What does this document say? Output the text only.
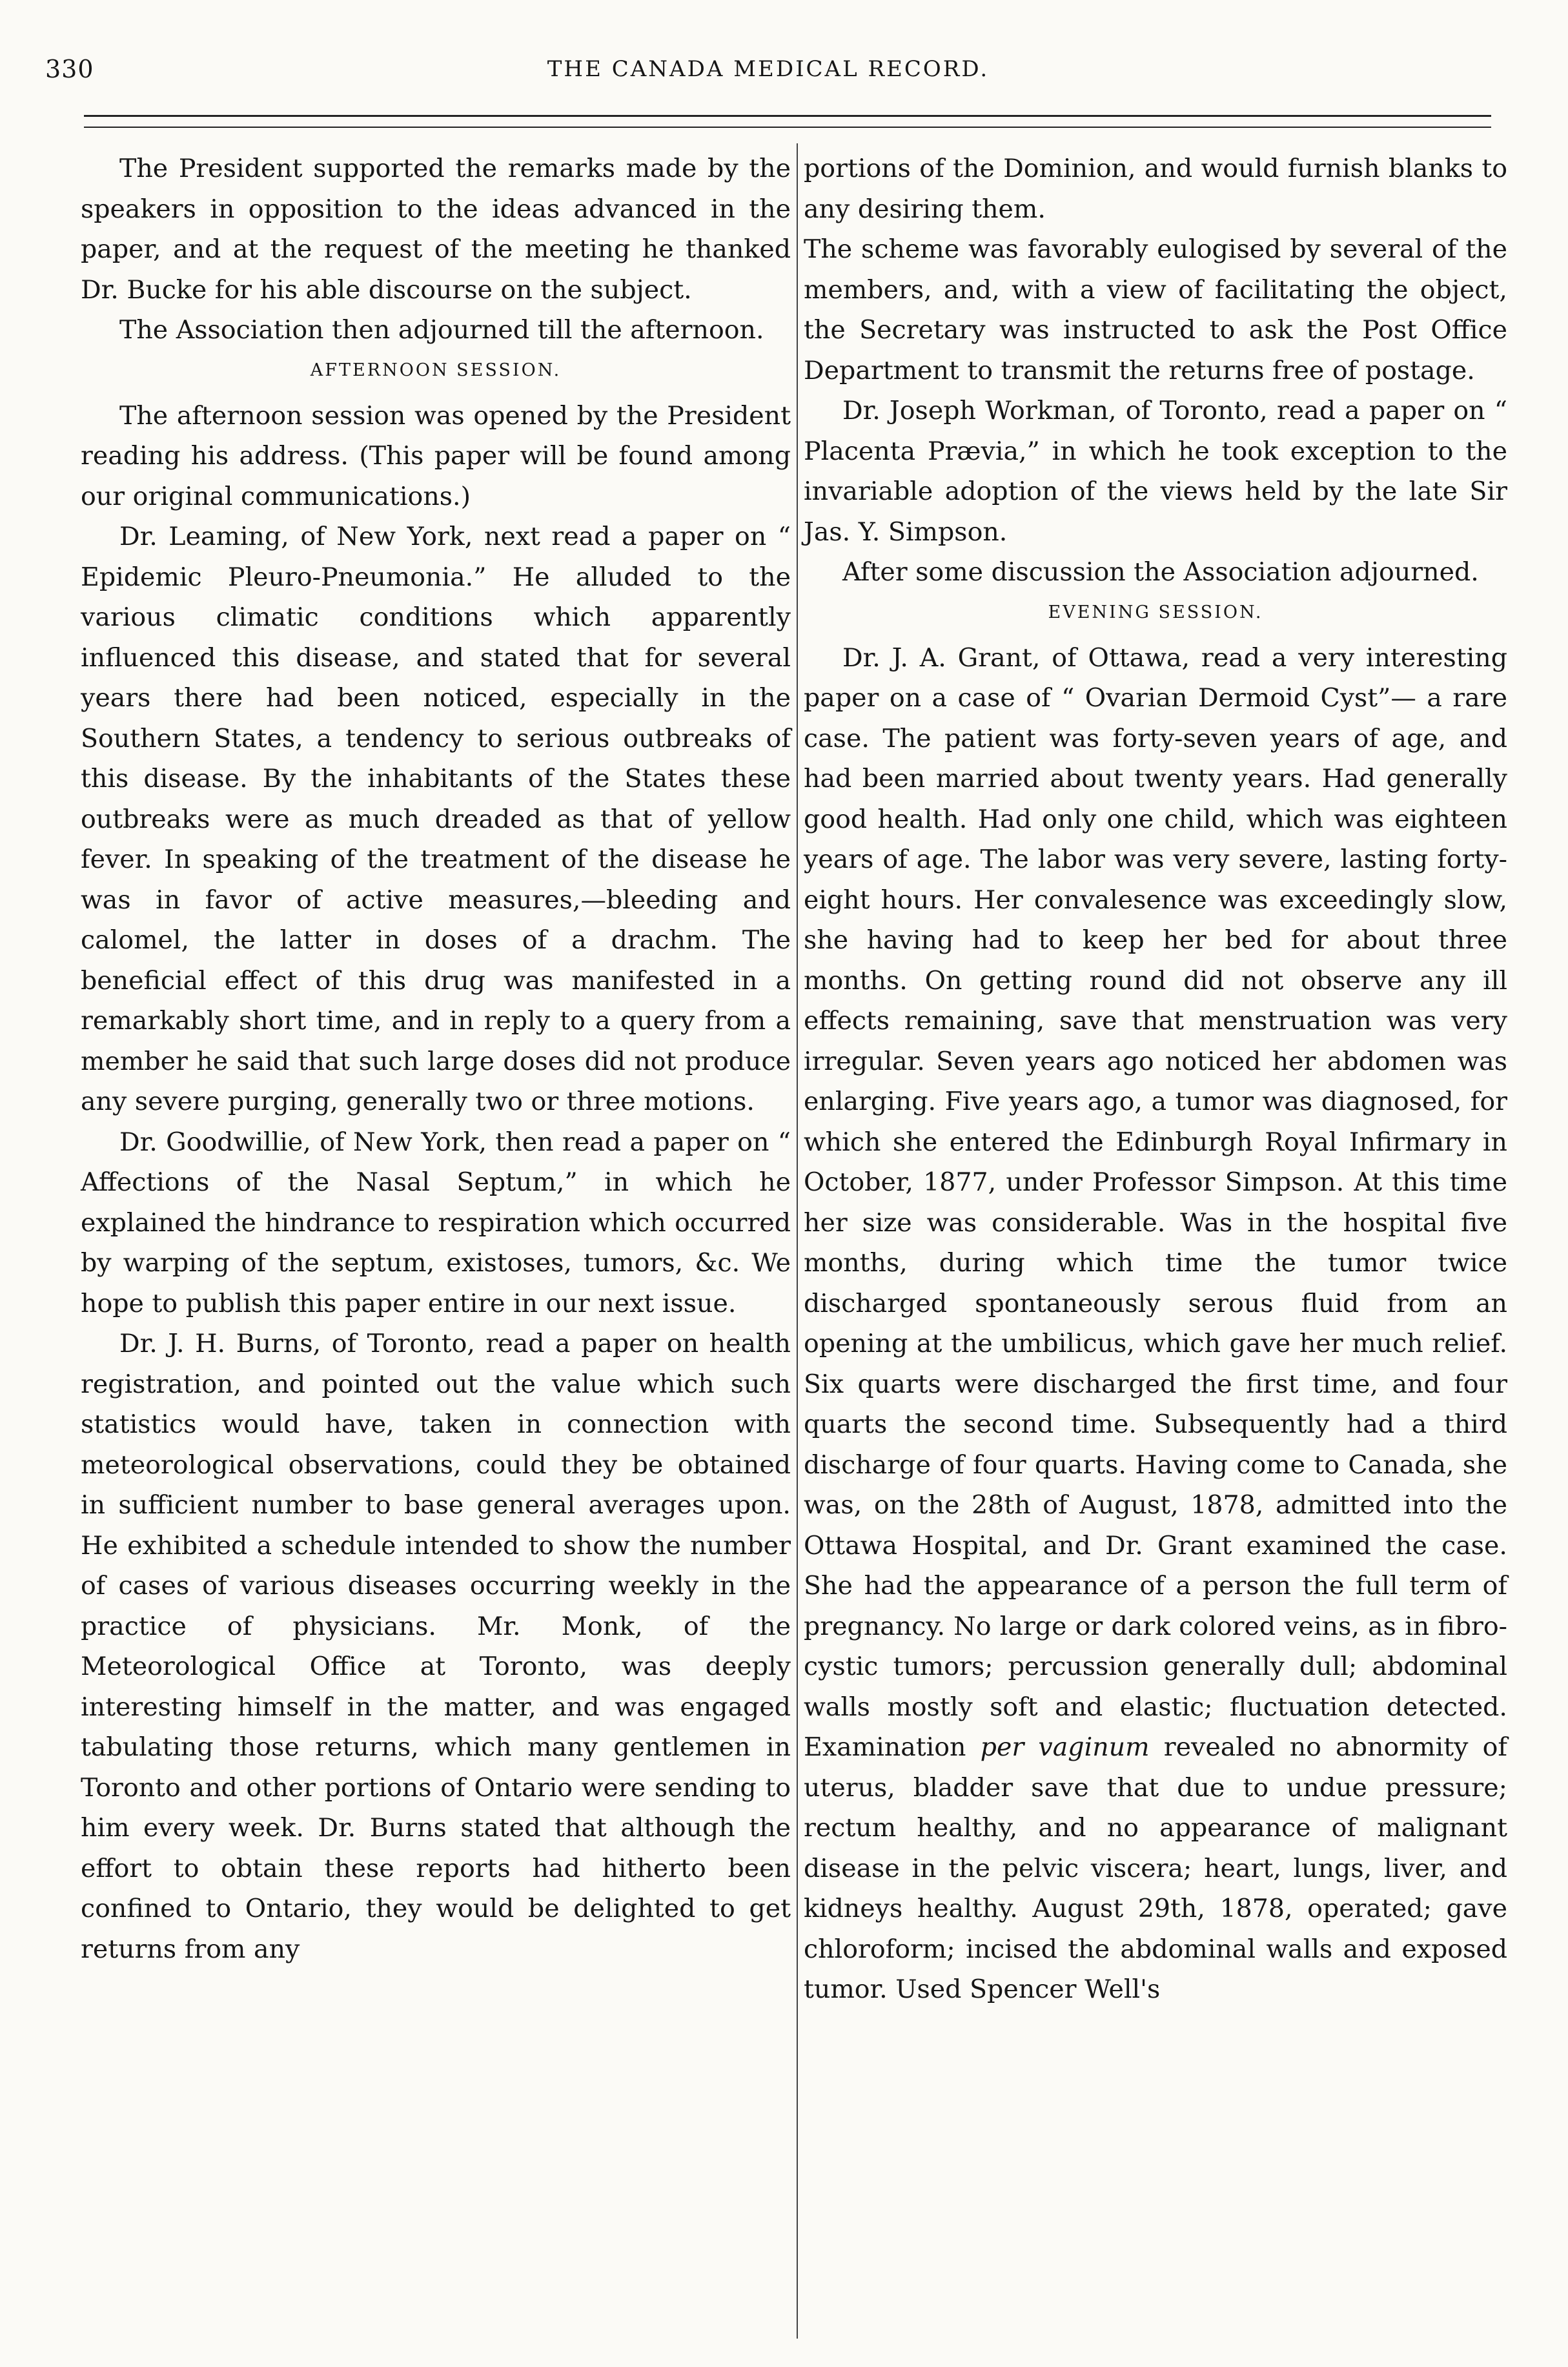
330	THE CANADA MEDICAL RECORD.

The President supported the remarks made by the speakers in opposition to the ideas advanced in the paper, and at the request of the meeting he thanked Dr. Bucke for his able discourse on the subject.

The Association then adjourned till the afternoon.

AFTERNOON SESSION.

The afternoon session was opened by the President reading his address. (This paper will be found among our original communications.)

Dr. Leaming, of New York, next read a paper on “ Epidemic Pleuro-Pneumonia.” He alluded to the various climatic conditions which apparently influenced this disease, and stated that for several years there had been noticed, especially in the Southern States, a tendency to serious outbreaks of this disease. By the inhabitants of the States these outbreaks were as much dreaded as that of yellow fever. In speaking of the treatment of the disease he was in favor of active measures,—bleeding and calomel, the latter in doses of a drachm. The beneficial effect of this drug was manifested in a remarkably short time, and in reply to a query from a member he said that such large doses did not produce any severe purging, generally two or three motions.

Dr. Goodwillie, of New York, then read a paper on “ Affections of the Nasal Septum,” in which he explained the hindrance to respiration which occurred by warping of the septum, existoses, tumors, &c. We hope to publish this paper entire in our next issue.

Dr. J. H. Burns, of Toronto, read a paper on health registration, and pointed out the value which such statistics would have, taken in connection with meteorological observations, could they be obtained in sufficient number to base general averages upon. He exhibited a schedule intended to show the number of cases of various diseases occurring weekly in the practice of physicians. Mr. Monk, of the Meteorological Office at Toronto, was deeply interesting himself in the matter, and was engaged tabulating those returns, which many gentlemen in Toronto and other portions of Ontario were sending to him every week. Dr. Burns stated that although the effort to obtain these reports had hitherto been confined to Ontario, they would be delighted to get returns from any

portions of the Dominion, and would furnish blanks to any desiring them.

The scheme was favorably eulogised by several of the members, and, with a view of facilitating the object, the Secretary was instructed to ask the Post Office Department to transmit the returns free of postage.

Dr. Joseph Workman, of Toronto, read a paper on “ Placenta Prævia,” in which he took exception to the invariable adoption of the views held by the late Sir Jas. Y. Simpson.

After some discussion the Association adjourned.

EVENING SESSION.

Dr. J. A. Grant, of Ottawa, read a very interesting paper on a case of “ Ovarian Dermoid Cyst”— a rare case. The patient was forty-seven years of age, and had been married about twenty years. Had generally good health. Had only one child, which was eighteen years of age. The labor was very severe, lasting forty-eight hours. Her convalesence was exceedingly slow, she having had to keep her bed for about three months. On getting round did not observe any ill effects remaining, save that menstruation was very irregular. Seven years ago noticed her abdomen was enlarging. Five years ago, a tumor was diagnosed, for which she entered the Edinburgh Royal Infirmary in October, 1877, under Professor Simpson. At this time her size was considerable. Was in the hospital five months, during which time the tumor twice discharged spontaneously serous fluid from an opening at the umbilicus, which gave her much relief. Six quarts were discharged the first time, and four quarts the second time. Subsequently had a third discharge of four quarts. Having come to Canada, she was, on the 28th of August, 1878, admitted into the Ottawa Hospital, and Dr. Grant examined the case. She had the appearance of a person the full term of pregnancy. No large or dark colored veins, as in fibro-cystic tumors; percussion generally dull; abdominal walls mostly soft and elastic; fluctuation detected. Examination per vaginum revealed no abnormity of uterus, bladder save that due to undue pressure; rectum healthy, and no appearance of malignant disease in the pelvic viscera; heart, lungs, liver, and kidneys healthy. August 29th, 1878, operated; gave chloroform; incised the abdominal walls and exposed tumor. Used Spencer Well's
